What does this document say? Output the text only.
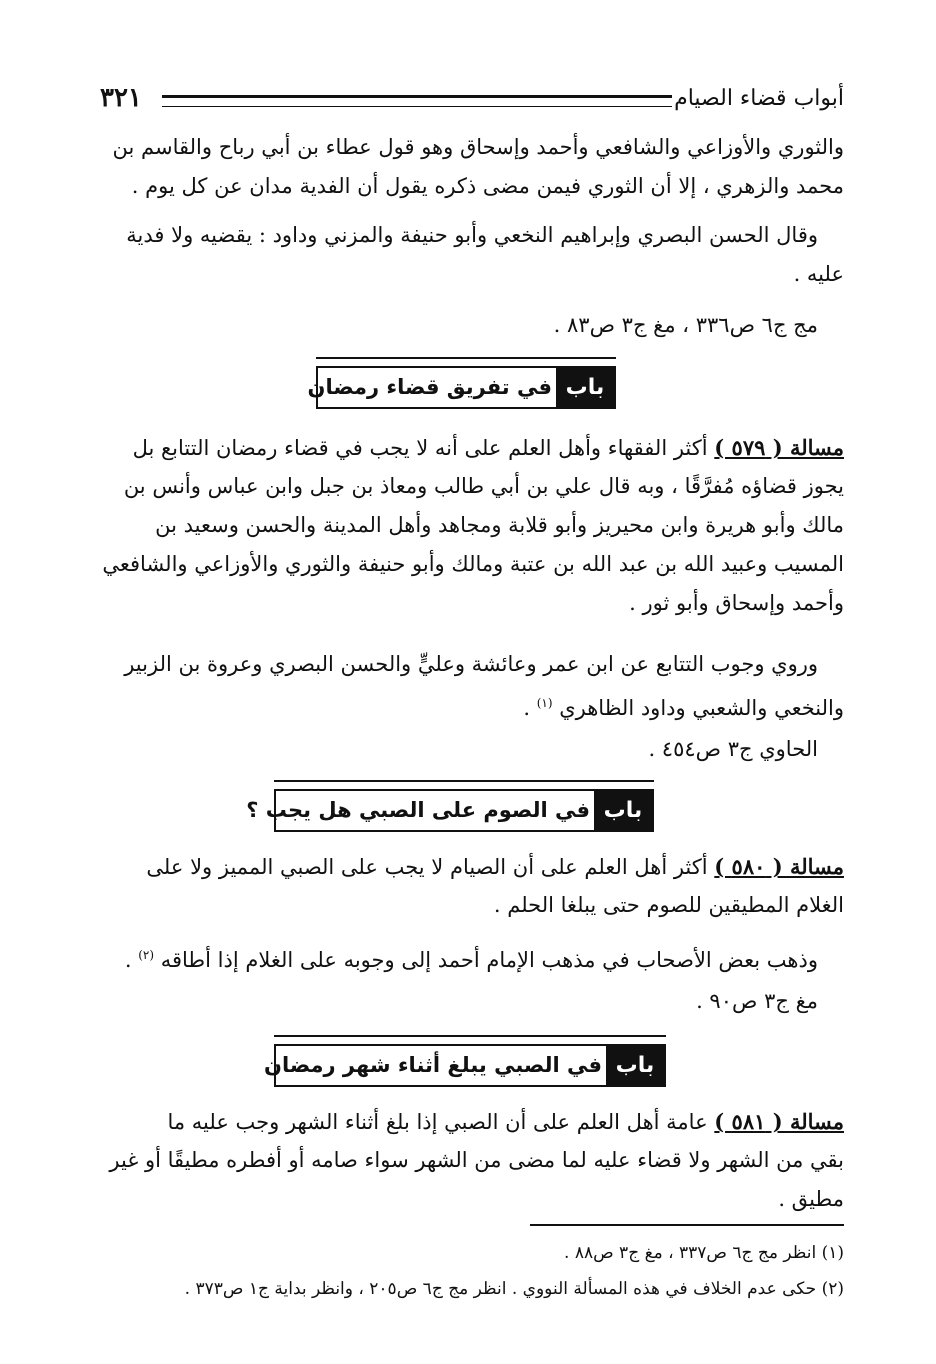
أبواب قضاء الصيام
٣٢١
والثوري والأوزاعي والشافعي وأحمد وإسحاق وهو قول عطاء بن أبي رباح والقاسم بن
محمد والزهري ، إلا أن الثوري فيمن مضى ذكره يقول أن الفدية مدان عن كل يوم .
وقال الحسن البصري وإبراهيم النخعي وأبو حنيفة والمزني وداود : يقضيه ولا فدية
عليه .
مج ج٦ ص٣٣٦ ، مغ ج٣ ص٨٣ .
باب
في تفريق قضاء رمضان
مسالة ( ٥٧٩ ) أكثر الفقهاء وأهل العلم على أنه لا يجب في قضاء رمضان التتابع بل
يجوز قضاؤه مُفرَّقًا ، وبه قال علي بن أبي طالب ومعاذ بن جبل وابن عباس وأنس بن
مالك وأبو هريرة وابن محيريز وأبو قلابة ومجاهد وأهل المدينة والحسن وسعيد بن
المسيب وعبيد الله بن عبد الله بن عتبة ومالك وأبو حنيفة والثوري والأوزاعي والشافعي
وأحمد وإسحاق وأبو ثور .
وروي وجوب التتابع عن ابن عمر وعائشة وعليٍّ والحسن البصري وعروة بن الزبير
والنخعي والشعبي وداود الظاهري $^{(١)}$ .
الحاوي ج٣ ص٤٥٤ .
باب
في الصوم على الصبي هل يجب ؟
مسالة ( ٥٨٠ ) أكثر أهل العلم على أن الصيام لا يجب على الصبي المميز ولا على
الغلام المطيقين للصوم حتى يبلغا الحلم .
وذهب بعض الأصحاب في مذهب الإمام أحمد إلى وجوبه على الغلام إذا أطاقه $^{(٢)}$ .
مغ ج٣ ص٩٠ .
باب
في الصبي يبلغ أثناء شهر رمضان
مسالة ( ٥٨١ ) عامة أهل العلم على أن الصبي إذا بلغ أثناء الشهر وجب عليه ما
بقي من الشهر ولا قضاء عليه لما مضى من الشهر سواء صامه أو أفطره مطيقًا أو غير
مطيق .
(١) انظر مج ج٦ ص٣٣٧ ، مغ ج٣ ص٨٨ .
(٢) حكى عدم الخلاف في هذه المسألة النووي . انظر مج ج٦ ص٢٠٥ ، وانظر بداية ج١ ص٣٧٣ .
